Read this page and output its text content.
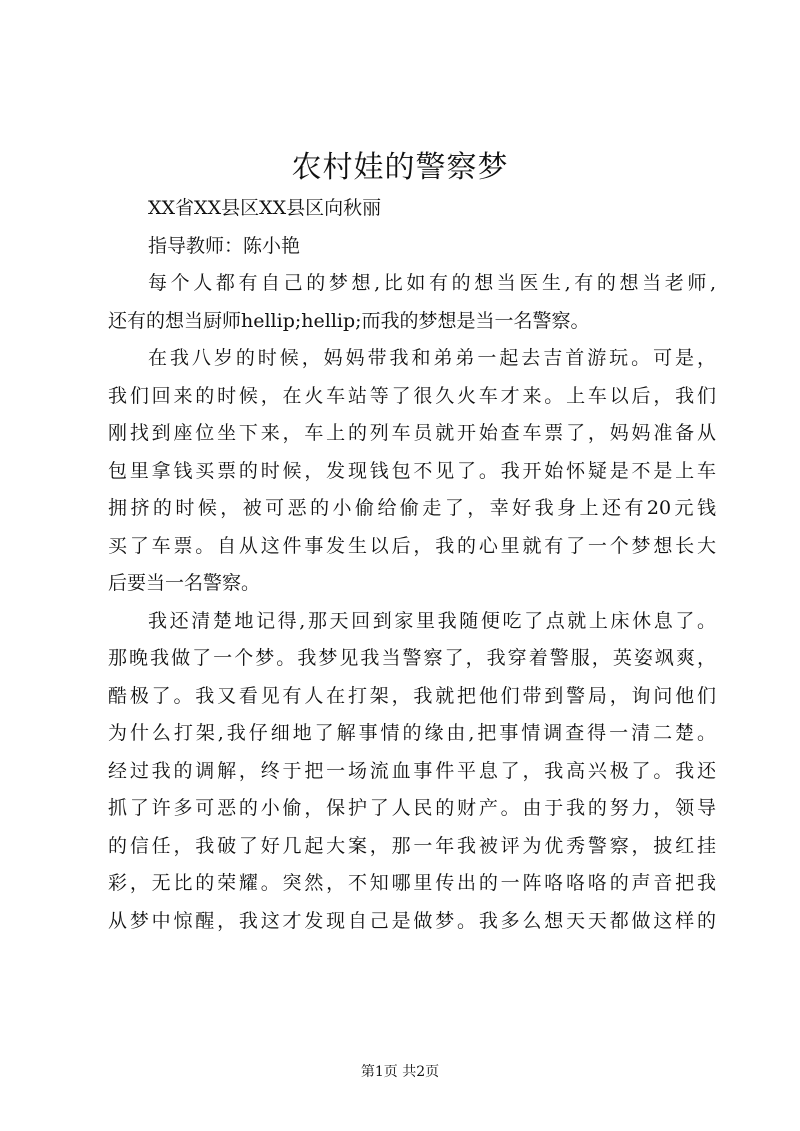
农村娃的警察梦
XX省XX县区XX县区向秋丽
指导教师：陈小艳
每个人都有自己的梦想,比如有的想当医生,有的想当老师,
还有的想当厨师hellip;hellip;而我的梦想是当一名警察。
在我八岁的时候，妈妈带我和弟弟一起去吉首游玩。可是，
我们回来的时候，在火车站等了很久火车才来。上车以后，我们
刚找到座位坐下来，车上的列车员就开始查车票了，妈妈准备从
包里拿钱买票的时候，发现钱包不见了。我开始怀疑是不是上车
拥挤的时候，被可恶的小偷给偷走了，幸好我身上还有20元钱
买了车票。自从这件事发生以后，我的心里就有了一个梦想长大
后要当一名警察。
我还清楚地记得,那天回到家里我随便吃了点就上床休息了。
那晚我做了一个梦。我梦见我当警察了，我穿着警服，英姿飒爽，
酷极了。我又看见有人在打架，我就把他们带到警局，询问他们
为什么打架,我仔细地了解事情的缘由,把事情调查得一清二楚。
经过我的调解，终于把一场流血事件平息了，我高兴极了。我还
抓了许多可恶的小偷，保护了人民的财产。由于我的努力，领导
的信任，我破了好几起大案，那一年我被评为优秀警察，披红挂
彩，无比的荣耀。突然，不知哪里传出的一阵咯咯咯的声音把我
从梦中惊醒，我这才发现自己是做梦。我多么想天天都做这样的
第1页 共2页
